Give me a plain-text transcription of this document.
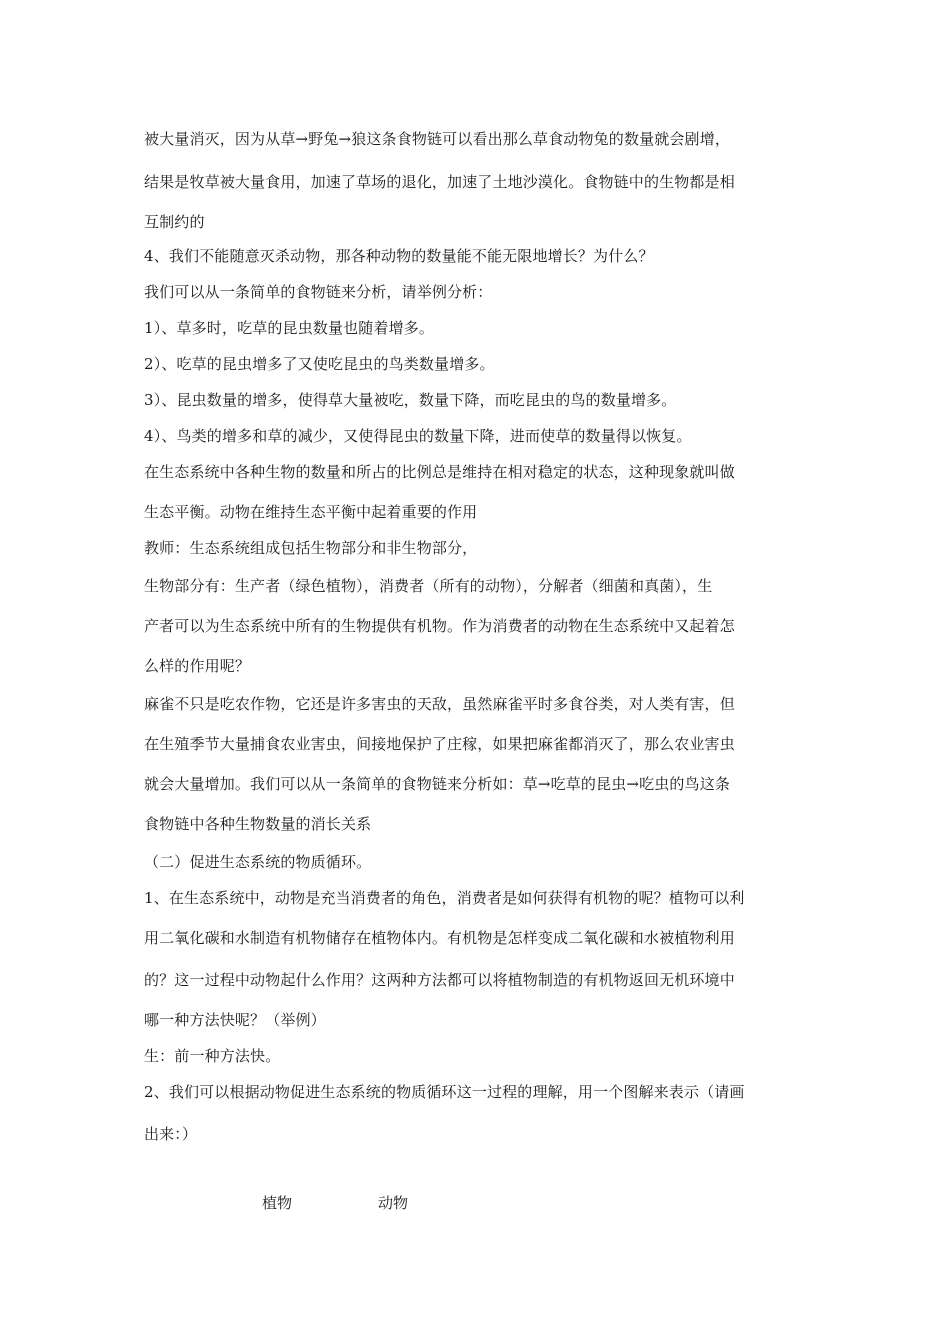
被大量消灭，因为从草→野兔→狼这条食物链可以看出那么草食动物兔的数量就会剧增，
结果是牧草被大量食用，加速了草场的退化，加速了土地沙漠化。食物链中的生物都是相
互制约的
4、我们不能随意灭杀动物，那各种动物的数量能不能无限地增长？为什么？
我们可以从一条简单的食物链来分析，请举例分析：
1）、草多时，吃草的昆虫数量也随着增多。
2）、吃草的昆虫增多了又使吃昆虫的鸟类数量增多。
3）、昆虫数量的增多，使得草大量被吃，数量下降，而吃昆虫的鸟的数量增多。
4）、鸟类的增多和草的减少，又使得昆虫的数量下降，进而使草的数量得以恢复。
在生态系统中各种生物的数量和所占的比例总是维持在相对稳定的状态，这种现象就叫做
生态平衡。动物在维持生态平衡中起着重要的作用
教师：生态系统组成包括生物部分和非生物部分，
生物部分有：生产者（绿色植物），消费者（所有的动物），分解者（细菌和真菌），生
产者可以为生态系统中所有的生物提供有机物。作为消费者的动物在生态系统中又起着怎
么样的作用呢？
麻雀不只是吃农作物，它还是许多害虫的天敌，虽然麻雀平时多食谷类，对人类有害，但
在生殖季节大量捕食农业害虫，间接地保护了庄稼，如果把麻雀都消灭了，那么农业害虫
就会大量增加。我们可以从一条简单的食物链来分析如：草→吃草的昆虫→吃虫的鸟这条
食物链中各种生物数量的消长关系
（二）促进生态系统的物质循环。
1、在生态系统中，动物是充当消费者的角色，消费者是如何获得有机物的呢？植物可以利
用二氧化碳和水制造有机物储存在植物体内。有机物是怎样变成二氧化碳和水被植物利用
的？这一过程中动物起什么作用？这两种方法都可以将植物制造的有机物返回无机环境中
哪一种方法快呢？（举例）
生：前一种方法快。
2、我们可以根据动物促进生态系统的物质循环这一过程的理解，用一个图解来表示（请画
出来：）
植物	动物
